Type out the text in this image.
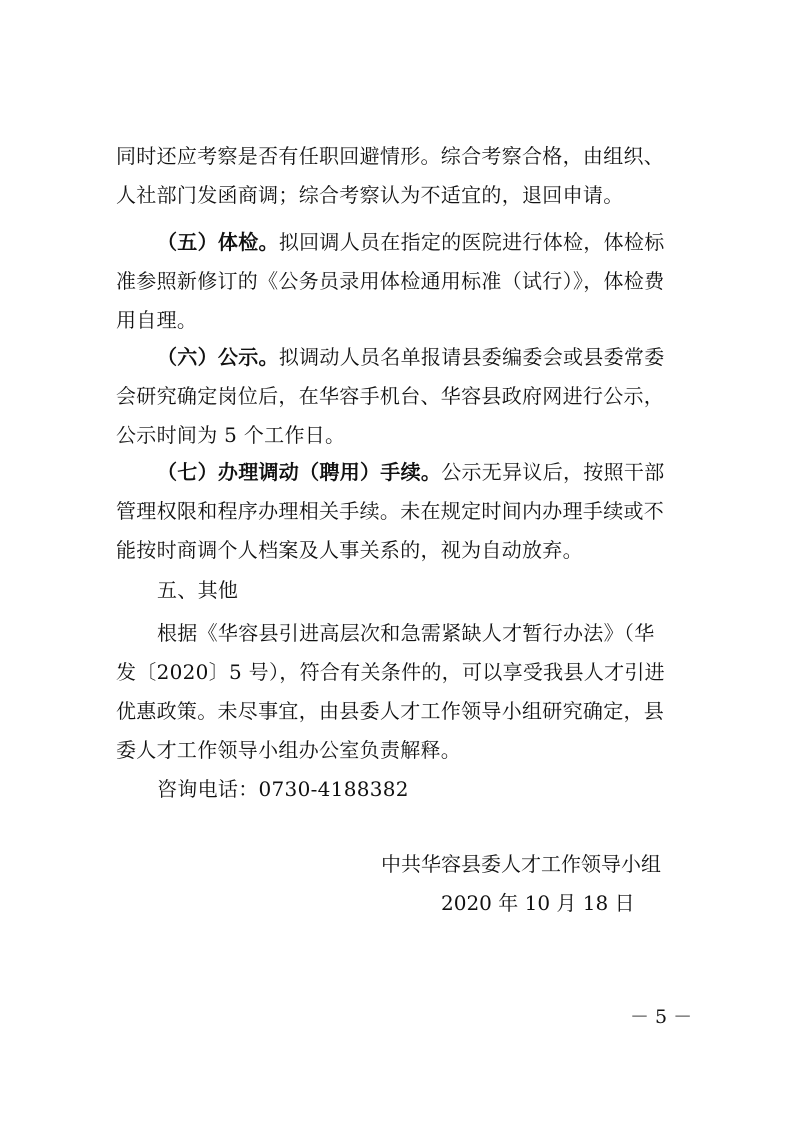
同时还应考察是否有任职回避情形。综合考察合格，由组织、
人社部门发函商调；综合考察认为不适宜的，退回申请。
（五）体检。拟回调人员在指定的医院进行体检，体检标
准参照新修订的《公务员录用体检通用标准（试行）》，体检费
用自理。
（六）公示。拟调动人员名单报请县委编委会或县委常委
会研究确定岗位后，在华容手机台、华容县政府网进行公示，
公示时间为 5 个工作日。
（七）办理调动（聘用）手续。公示无异议后，按照干部
管理权限和程序办理相关手续。未在规定时间内办理手续或不
能按时商调个人档案及人事关系的，视为自动放弃。
五、其他
根据《华容县引进高层次和急需紧缺人才暂行办法》（华
发〔2020〕5 号），符合有关条件的，可以享受我县人才引进
优惠政策。未尽事宜，由县委人才工作领导小组研究确定，县
委人才工作领导小组办公室负责解释。
咨询电话：0730-4188382
中共华容县委人才工作领导小组
2020 年 10 月 18 日
－ 5 －
